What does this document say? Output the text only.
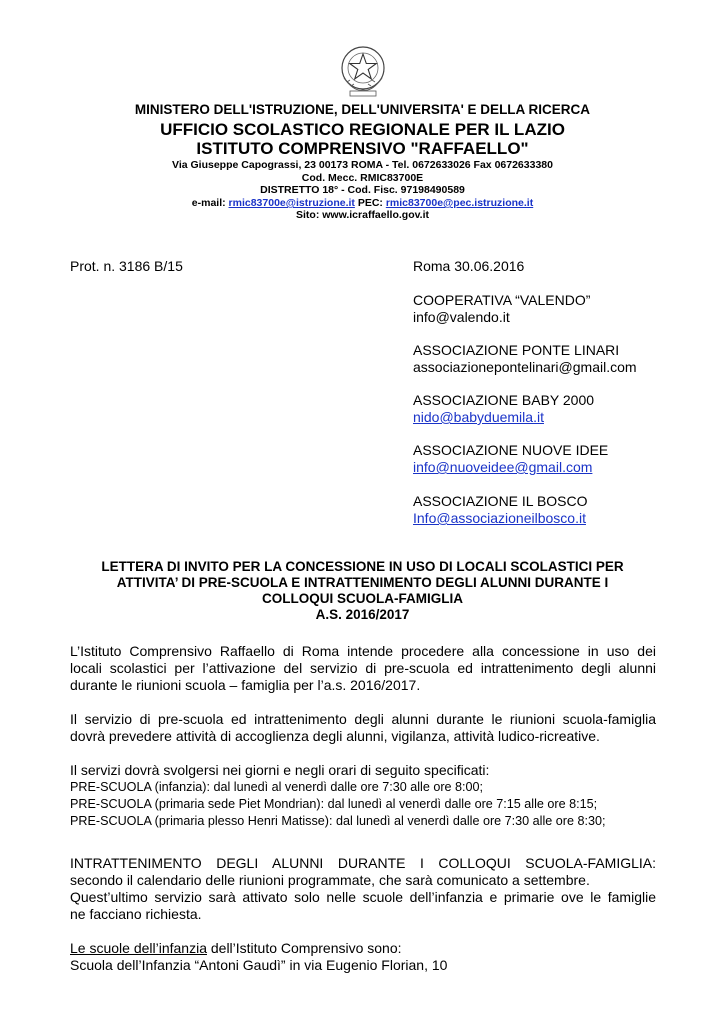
MINISTERO DELL'ISTRUZIONE, DELL'UNIVERSITA' E DELLA RICERCA
UFFICIO SCOLASTICO REGIONALE PER IL LAZIO
ISTITUTO COMPRENSIVO "RAFFAELLO"
Via Giuseppe Capograssi, 23 00173 ROMA - Tel. 0672633026 Fax 0672633380
Cod. Mecc. RMIC83700E
DISTRETTO 18° - Cod. Fisc. 97198490589
e-mail: rmic83700e@istruzione.it PEC: rmic83700e@pec.istruzione.it
Sito: www.icraffaello.gov.it
Prot. n. 3186 B/15	Roma 30.06.2016
COOPERATIVA “VALENDO”
info@valendo.it
ASSOCIAZIONE PONTE LINARI
associazionepontelinari@gmail.com
ASSOCIAZIONE BABY 2000
nido@babyduemila.it
ASSOCIAZIONE NUOVE IDEE
info@nuoveidee@gmail.com
ASSOCIAZIONE IL BOSCO
Info@associazioneilbosco.it
LETTERA DI INVITO PER LA CONCESSIONE IN USO DI LOCALI SCOLASTICI PER
ATTIVITA’ DI PRE-SCUOLA E INTRATTENIMENTO DEGLI ALUNNI DURANTE I
COLLOQUI SCUOLA-FAMIGLIA
A.S. 2016/2017
L’Istituto Comprensivo Raffaello di Roma intende procedere alla concessione in uso dei
locali scolastici per l’attivazione del servizio di pre-scuola ed intrattenimento degli alunni
durante le riunioni scuola – famiglia per l’a.s. 2016/2017.
Il servizio di pre-scuola ed intrattenimento degli alunni durante le riunioni scuola-famiglia
dovrà prevedere attività di accoglienza degli alunni, vigilanza, attività ludico-ricreative.
Il servizi dovrà svolgersi nei giorni e negli orari di seguito specificati:
PRE-SCUOLA (infanzia): dal lunedì al venerdì dalle ore 7:30 alle ore 8:00;
PRE-SCUOLA (primaria sede Piet Mondrian): dal lunedì al venerdì dalle ore 7:15 alle ore 8:15;
PRE-SCUOLA (primaria plesso Henri Matisse): dal lunedì al venerdì dalle ore 7:30 alle ore 8:30;
INTRATTENIMENTO DEGLI ALUNNI DURANTE I COLLOQUI SCUOLA-FAMIGLIA:
secondo il calendario delle riunioni programmate, che sarà comunicato a settembre.
Quest’ultimo servizio sarà attivato solo nelle scuole dell’infanzia e primarie ove le famiglie
ne facciano richiesta.
Le scuole dell’infanzia dell’Istituto Comprensivo sono:
Scuola dell’Infanzia “Antoni Gaudì” in via Eugenio Florian, 10
